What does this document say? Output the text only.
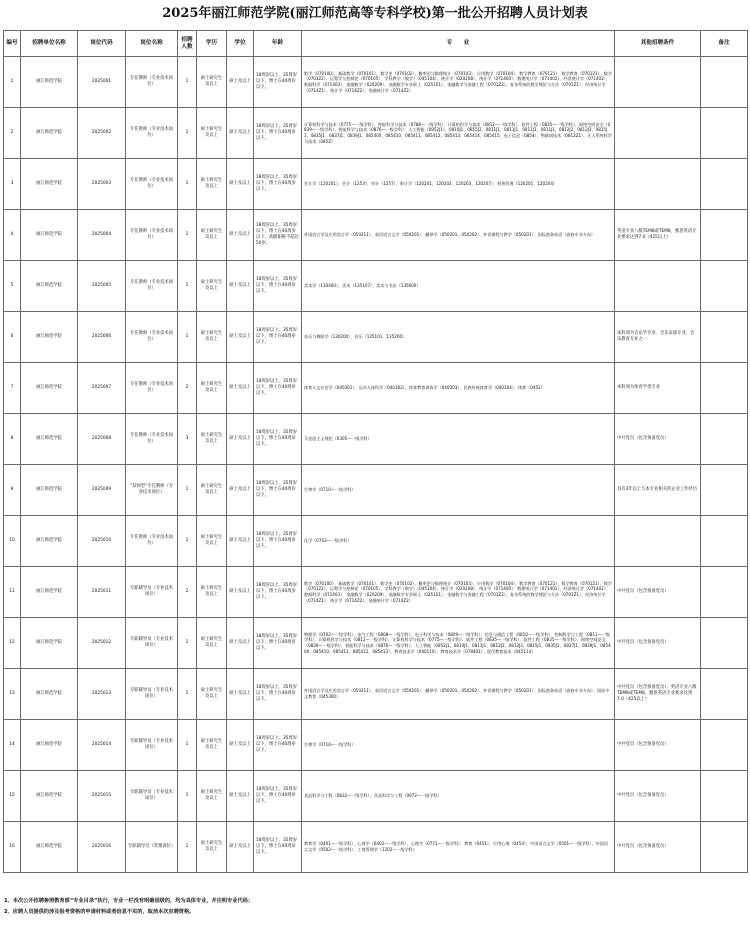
2025年丽江师范学院(丽江师范高等专科学校)第一批公开招聘人员计划表
编号	招聘单位名称	岗位代码	岗位名称	招聘人数	学历	学位	年龄	专　　业	其他招聘条件	备注
1	丽江师范学院	2025001	专任教师（专业技术岗位）	1	硕士研究生及以上	硕士及以上	18周岁以上、35周岁以下，博士在40周岁以下。	数学（070100）、基础数学（070101）、数学史（070102）、概率论与数理统计（070103）、应用数学（070104）、数学教育（070121）、数学教育（070121）、数学（070122）、运筹学与控制论（070105）、学科教学（数学）（045104）、统计学（020208）、统计学（071400）、数理统计学（071401）、经济统计学（071402）、数据科学（071403）、金融数学（020209）、金融数学专业硕士（025101）、金融数学与金融工程（0701Z2）、复杂系统的数学理论与方法（0701Z1）、经济统计学（0714Z1）、统计学（0714Z2）、金融统计学（0714Z2）		
2	丽江师范学院	2025002	专任教师（专业技术岗位）	1	硕士研究生及以上	硕士及以上	18周岁以上、35周岁以下，博士在40周岁以下。	计算机科学与技术（0775—一级学科）、智能科学与技术（0788—一级学科）、计算机科学与技术（0812—一级学科）、软件工程（0835—一级学科）、网络空间安全（0839—一级学科）、智能科学与技术（0876—一级学科）、人工智能（0852J1）、0810J1、0815J2、0811J1、0811J1、0811J1、0811J1、0812J2、0812J3、0815J1、0835J1、0837J1、0839J1、085400、085410、085411、085412、085413、085414、085415、电子信息（0854）、物联网技术（0812Z1）、无人系统科学与技术（085Z）		
3	丽江师范学院	2025003	专任教师（专业技术岗位）	1	硕士研究生及以上	硕士及以上	18周岁以上、35周岁以下，博士在40周岁以下。	会计学（120201）、会计（1253）、审计（1257）、审计学（120201、120202、120203、120207）、财务管理（120201、120204）		
4	丽江师范学院	2025004	专任教师（专业技术岗位）	1	硕士研究生及以上	硕士及以上	18周岁以上、35周岁以下，博士在40周岁以下，高级职称不超过50岁。	外国语言学及应用语言学（050211）、英语语言文学（050201）、翻译学（050201、050202）、外语课程与教学（050201）、国际商务英语（高校专业方向）	英语专业八级TEM8或TEM8，雅思英语专业要求达到7.0（425以上）	
5	丽江师范学院	2025005	专任教师（专业技术岗位）	1	硕士研究生及以上	硕士及以上	18周岁以上、35周岁以下，博士在40周岁以下。	美术学（130400）、美术（135107）、美术与书法（135600）		
6	丽江师范学院	2025006	专任教师（专业技术岗位）	1	硕士研究生及以上	硕士及以上	18周岁以上、35周岁以下，博士在40周岁以下。	音乐与舞蹈学（130200）、音乐（135101、135200）	本科须为音乐学专业、音乐表演专业、音乐教育专业之一	
7	丽江师范学院	2025007	专任教师（专业技术岗位）	2	硕士研究生及以上	硕士及以上	18周岁以上、35周岁以下，博士在40周岁以下。	体育人文社会学（040301）、运动人体科学（040302）、体育教育训练学（040303）、民族传统体育学（040304）、体育（0452）	本科须为体育学类专业	
8	丽江师范学院	2025008	专任教师（专业技术岗位）	3	硕士研究生及以上	硕士及以上	18周岁以上、35周岁以下，博士在40周岁以下。	马克思主义理论（0305—一级学科）	中共党员（包含预备党员）	
9	丽江师范学院	2025009	“双师型”专任教师（专业技术岗位）	1	硕士研究生及以上	硕士及以上	18周岁以上、35周岁以下，博士在40周岁以下。	生物学（0710—一级学科）	具有3年以上与本专业相关的企业工作经历	
10	丽江师范学院	2025010	专任教师（专业技术岗位）	1	硕士研究生及以上	硕士及以上	18周岁以上、35周岁以下，博士在40周岁以下。	化学（0703—一级学科）		
11	丽江师范学院	2025011	专职辅导员（专业技术岗位）	2	硕士研究生及以上	硕士及以上	18周岁以上、35周岁以下，博士在40周岁以下。	数学（070100）、基础数学（070101）、数学史（070102）、概率论与数理统计（070103）、应用数学（070104）、数学教育（070121）、数学教育（070121）、数学（070122）、运筹学与控制论（070105）、学科教学（数学）（045104）、统计学（020208）、统计学（071400）、数理统计学（071401）、经济统计学（071402）、数据科学（071403）、金融数学（020209）、金融数学专业硕士（025101）、金融数学与金融工程（0701Z2）、复杂系统的数学理论与方法（0701Z1）、经济统计学（0714Z1）、统计学（0714Z2）、金融统计学（0714Z2）	中共党员（包含预备党员）	
12	丽江师范学院	2025012	专职辅导员（专业技术岗位）	1	硕士研究生及以上	硕士及以上	18周岁以上、35周岁以下，博士在40周岁以下。	物理学（0702—一级学科）、电气工程（0808—一级学科）、电子科学与技术（0809—一级学科）、信息与通信工程（0810—一级学科）、控制科学与工程（0811—一级学科）、计算机科学与技术（0812—一级学科）、计算机科学与技术（0775—一级学科）、软件工程（0835—一级学科）、软件工程（0835—一级学科）、网络空间安全（0839—一级学科）、智能科学与技术（0876—一级学科）、人工智能（0852J1、0810J1、0811J1、0812J2、0812J3、0815J1、0835J1、0837J1、0839J1、085400、085410、085411、085412、085413）、教育技术学（040110）、教育技术学（078401）、现代教育技术（045114）	中共党员（包含预备党员）	
13	丽江师范学院	2025013	专职辅导员（专业技术岗位）	1	硕士研究生及以上	硕士及以上	18周岁以上、35周岁以下，博士在40周岁以下。	外国语言学及应用语言学（050211）、英语语言文学（050201）、翻译学（050201、050202）、外语课程与教学（050201）、国际商务英语（高校专业方向）、国际中文教育（045300）	中共党员（包含预备党员）；英语专业八级TEM8或TEM8，雅思英语专业要求达到7.0（425以上）	
14	丽江师范学院	2025014	专职辅导员（专业技术岗位）	1	硕士研究生及以上	硕士及以上	18周岁以上、35周岁以下，博士在40周岁以下。	生物学（0710—一级学科）	中共党员（包含预备党员）	
15	丽江师范学院	2025015	专职辅导员（专业技术岗位）	1	硕士研究生及以上	硕士及以上	18周岁以上、35周岁以下，博士在40周岁以下。	食品科学与工程（0832—一级学科）、食品科学与工程（0972—一级学科）	中共党员（包含预备党员）	
16	丽江师范学院	2025016	专职辅导员（管理岗位）	1	硕士研究生及以上	硕士及以上	18周岁以上、35周岁以下，博士在40周岁以下。	教育学（0401—一级学科）、心理学（0402—一级学科）、心理学（0771—一级学科）、教育（0451）、应用心理（0454）、中国语言文学（0501—一级学科）、外国语言文学（0502—一级学科）、工商管理学（1202—一级学科）	中共党员（包含预备党员）	
1、本次公开招聘参照教育部“专业目录”执行，专业一栏没有明确层级的，均为具体专业，并注明专业代码；
2、应聘人员提供的涉及报考资格的申请材料或者信息不实的，取消本次应聘资格。
